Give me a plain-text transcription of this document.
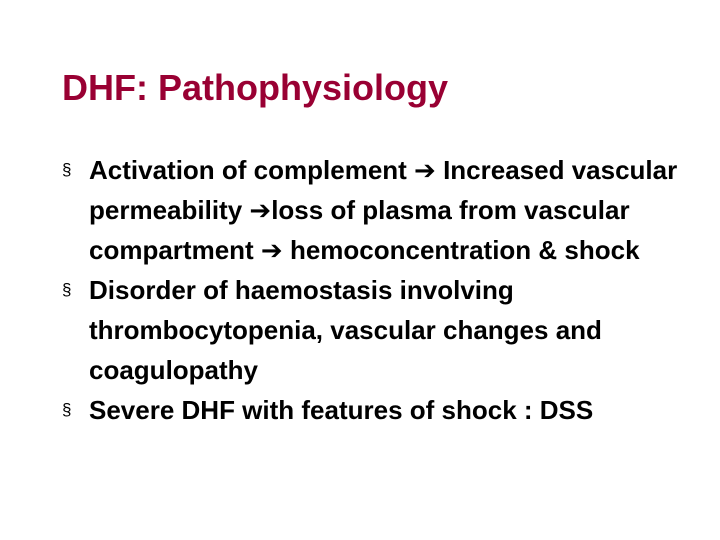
DHF: Pathophysiology
§ Activation of complement ➔ Increased vascular permeability ➔loss of plasma from vascular compartment ➔ hemoconcentration & shock
§ Disorder of haemostasis involving thrombocytopenia, vascular changes and coagulopathy
§ Severe DHF with features of shock : DSS
